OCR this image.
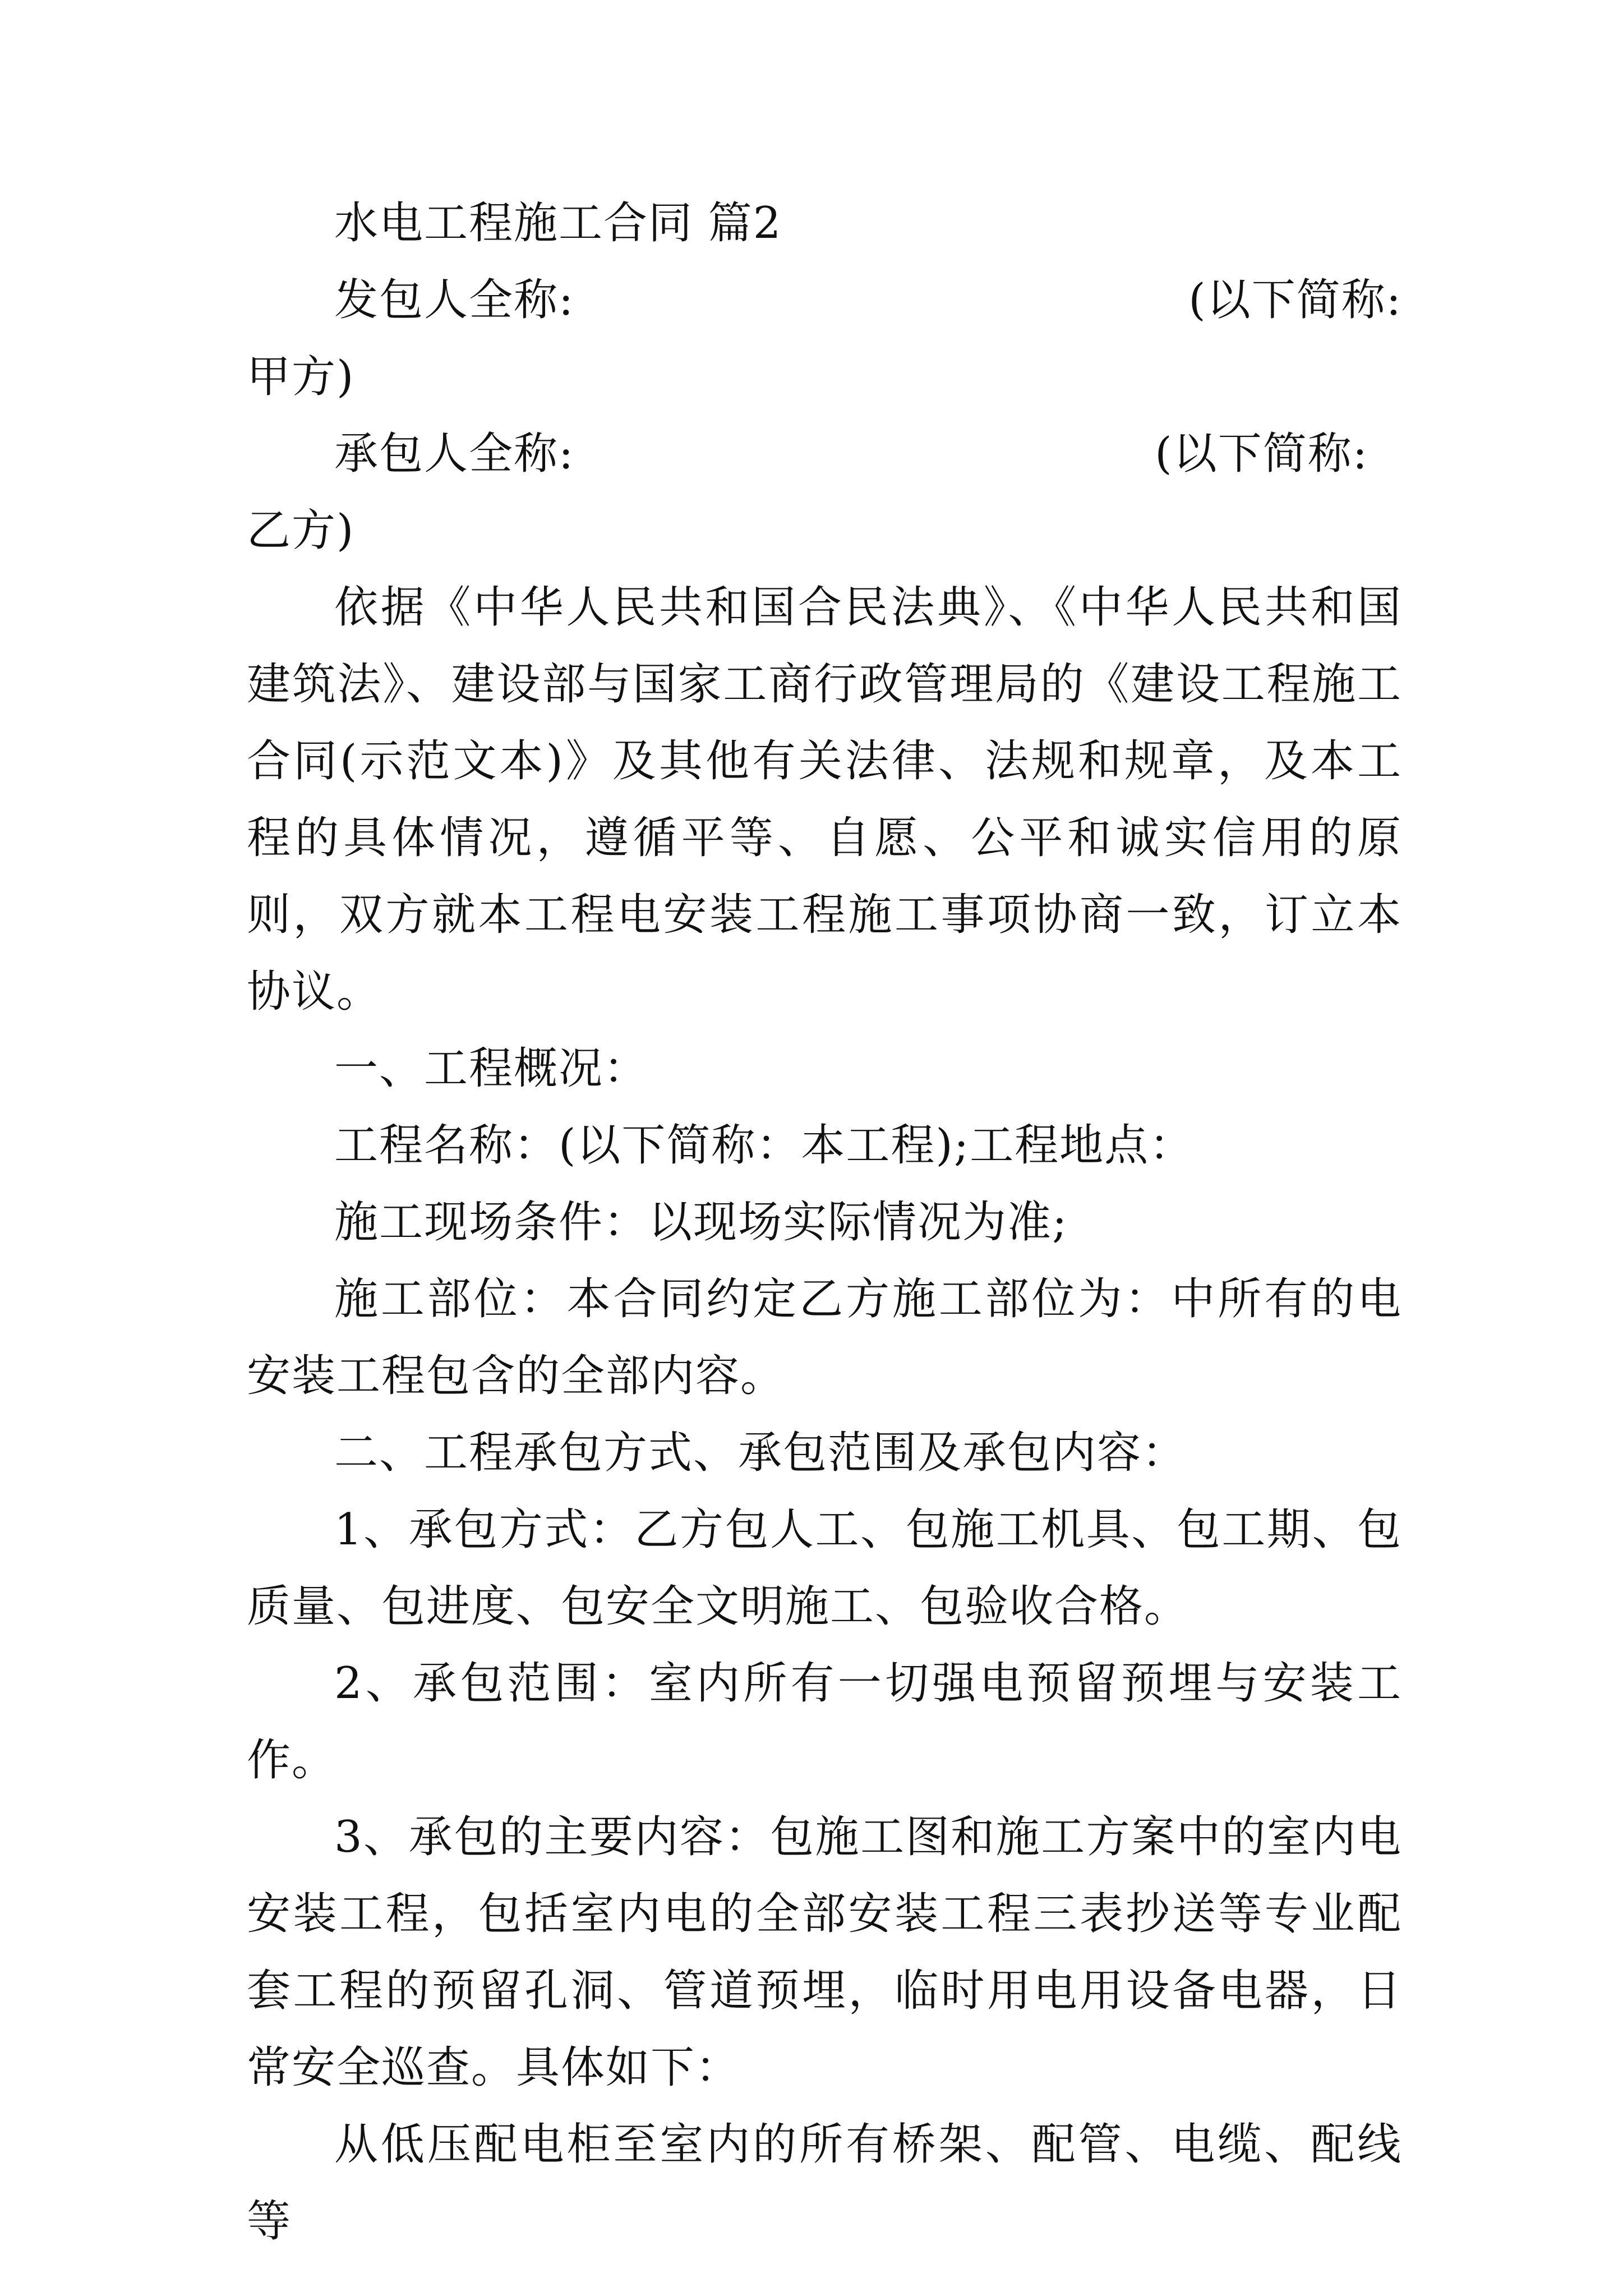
水电工程施工合同 篇2

发包人全称:	(以下简称:
甲方)
承包人全称:	(以下简称:
乙方)

依据《中华人民共和国合民法典》、《中华人民共和国建筑法》、建设部与国家工商行政管理局的《建设工程施工合同(示范文本)》及其他有关法律、法规和规章，及本工程的具体情况，遵循平等、自愿、公平和诚实信用的原则，双方就本工程电安装工程施工事项协商一致，订立本协议。

一、工程概况：

工程名称：(以下简称：本工程);工程地点：

施工现场条件：以现场实际情况为准;

施工部位：本合同约定乙方施工部位为：中所有的电安装工程包含的全部内容。

二、工程承包方式、承包范围及承包内容：

1、承包方式：乙方包人工、包施工机具、包工期、包质量、包进度、包安全文明施工、包验收合格。

2、承包范围：室内所有一切强电预留预埋与安装工作。

3、承包的主要内容：包施工图和施工方案中的室内电安装工程，包括室内电的全部安装工程三表抄送等专业配套工程的预留孔洞、管道预埋，临时用电用设备电器，日常安全巡查。具体如下：

从低压配电柜至室内的所有桥架、配管、电缆、配线等
